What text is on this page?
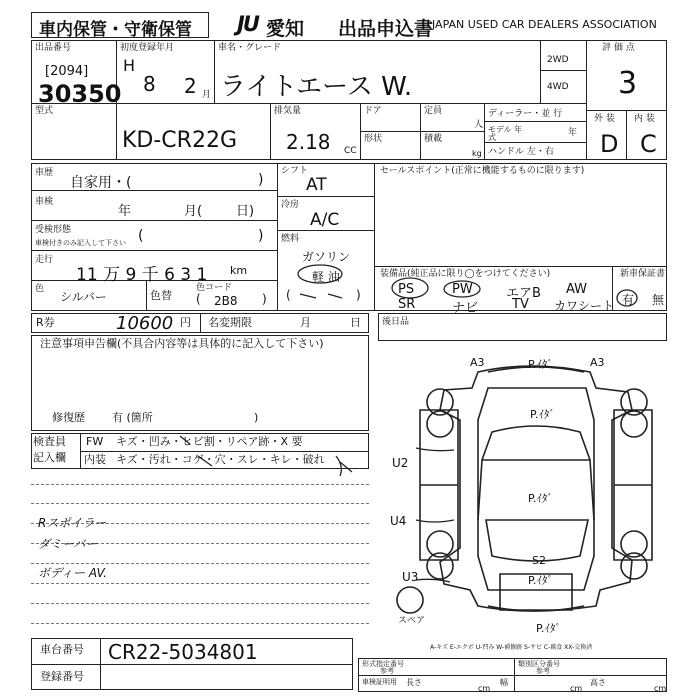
車内保管・守衛保管 JU 愛知 出品申込書
JAPAN USED CAR DEALERS ASSOCIATION
出品番号
[2094]
30350
初度登録年月
H
8 2 月
車名・グレード
ライトエース W.
2WD
4WD
評 価 点
3
型式
KD-CR22G
排気量
2.18 CC
ドア
形状
定員
人
積載
kg
ディーラー・並 行
モデル 年式	年
ハンドル 左・右
外 装 内 装
D C
車歴
自家用・(	)
車検
年	月(	日)
受検形態
車検付きのみ記入して下さい (	)
走行
11 万 9 千 6 3 1 km
色
シルバー	色替
色コード
( 2B8 )
シフト
AT
冷房
A/C
燃料
ガソリン
軽 油
(	)
セールスポイント(正常に機能するものに限ります)
装備品(純正品に限り◯をつけてください)
PS	PW	エアB AW
SR	ナビ	TV カワシート
新車保証書
有 無
R券	10600 円 名変期限	月	日 後日品
注意事項申告欄(不具合内容等は具体的に記入して下さい)
修復歴 有 (箇所	)
検査員
記入欄
FW キズ・凹み・ヒビ割・リペア跡・X 要
内装 キズ・汚れ・コゲ・穴・スレ・キレ・破れ
Rスポイラー
ダミーバー
ボディー AV.
A3	A3
P.ｲﾀﾞ
P.ｲﾀﾞ
P.ｲﾀﾞ
S2
P.ｲﾀﾞ
P.ｲﾀﾞ
U2
U4
U3
スペア
A-キズ E-エクボ U-凹み W-補修跡 S-サビ C-腐食 XX-交換済
車台番号 CR22-5034801
登録番号
形式指定番号
参考
類別区分番号
参考
車検証明用 長さ
cm
幅
cm
高さ
cm
